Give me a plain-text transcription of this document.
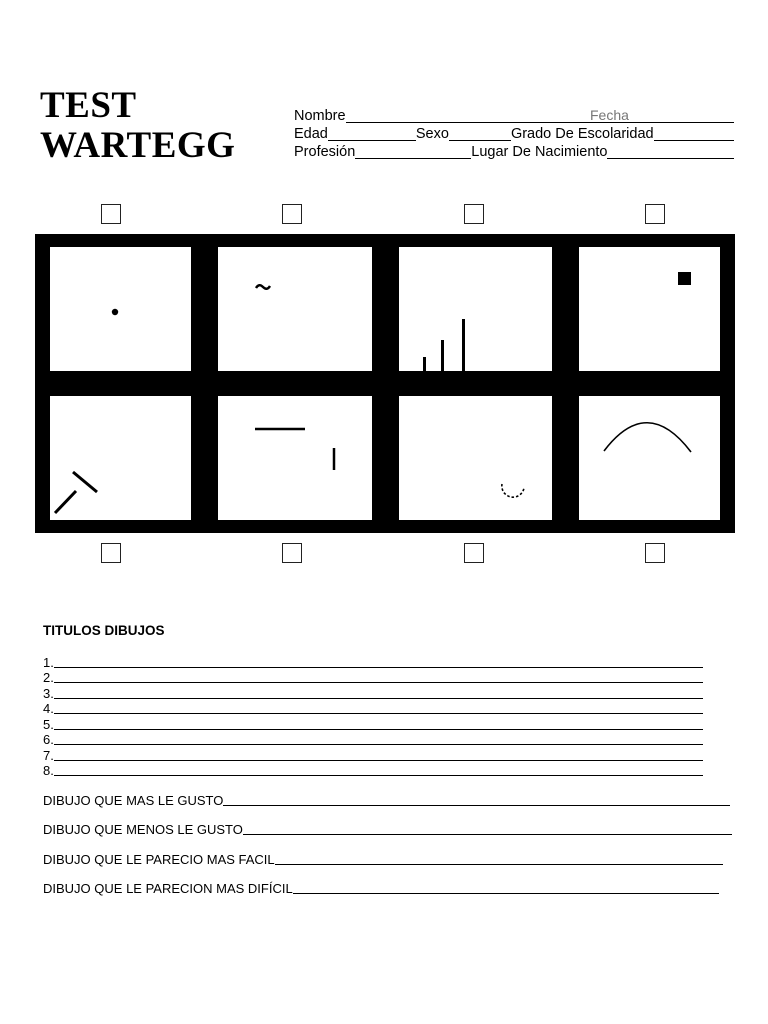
TEST
WARTEGG
Nombre	Fecha
Edad	Sexo	Grado De Escolaridad
Profesión	Lugar De Nacimiento
TITULOS DIBUJOS
1.
2.
3.
4.
5.
6.
7.
8.
DIBUJO QUE MAS LE GUSTO
DIBUJO QUE MENOS LE GUSTO
DIBUJO QUE LE PARECIO MAS FACIL
DIBUJO QUE LE PARECION MAS DIFÍCIL
